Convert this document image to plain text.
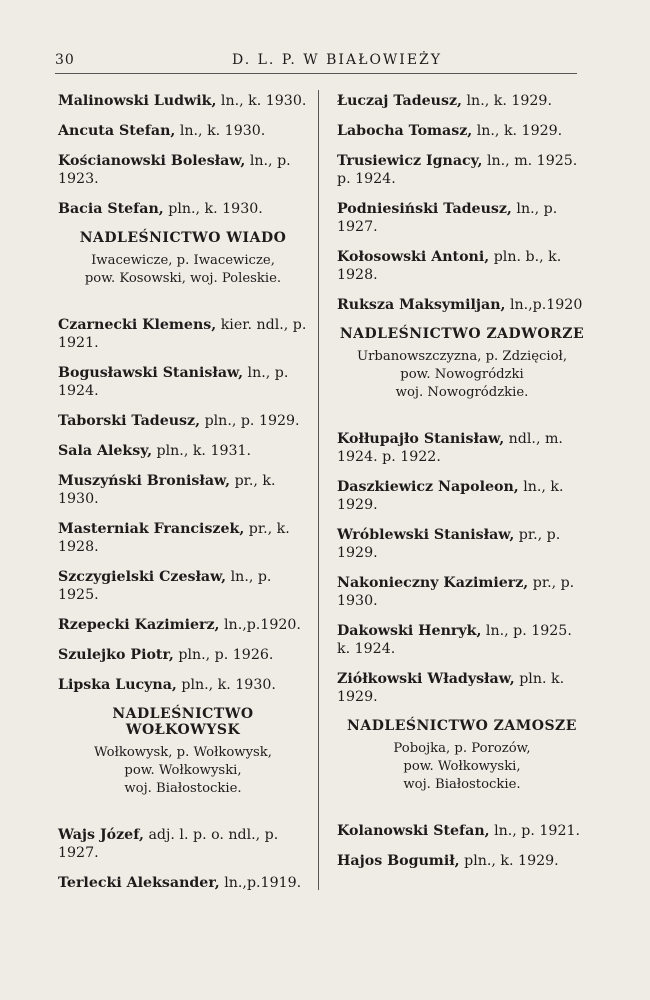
30	D. L. P. W BIAŁOWIEŻY
Malinowski Ludwik, ln., k. 1930.
Ancuta Stefan, ln., k. 1930.
Kościanowski Bolesław, ln., p. 1923.
Bacia Stefan, pln., k. 1930.
NADLEŚNICTWO WIADO
Iwacewicze, p. Iwacewicze,
pow. Kosowski, woj. Poleskie.
Czarnecki Klemens, kier. ndl., p. 1921.
Bogusławski Stanisław, ln., p. 1924.
Taborski Tadeusz, pln., p. 1929.
Sala Aleksy, pln., k. 1931.
Muszyński Bronisław, pr., k. 1930.
Masterniak Franciszek, pr., k. 1928.
Szczygielski Czesław, ln., p. 1925.
Rzepecki Kazimierz, ln.,p.1920.
Szulejko Piotr, pln., p. 1926.
Lipska Lucyna, pln., k. 1930.
NADLEŚNICTWO WOŁKOWYSK
Wołkowysk, p. Wołkowysk,
pow. Wołkowyski,
woj. Białostockie.
Wajs Józef, adj. l. p. o. ndl., p. 1927.
Terlecki Aleksander, ln.,p.1919.
Łuczaj Tadeusz, ln., k. 1929.
Labocha Tomasz, ln., k. 1929.
Trusiewicz Ignacy, ln., m. 1925. p. 1924.
Podniesiński Tadeusz, ln., p. 1927.
Kołosowski Antoni, pln. b., k. 1928.
Ruksza Maksymiljan, ln.,p.1920
NADLEŚNICTWO ZADWORZE
Urbanowszczyzna, p. Zdzięcioł,
pow. Nowogródzki
woj. Nowogródzkie.
Kołłupajło Stanisław, ndl., m. 1924. p. 1922.
Daszkiewicz Napoleon, ln., k. 1929.
Wróblewski Stanisław, pr., p. 1929.
Nakonieczny Kazimierz, pr., p. 1930.
Dakowski Henryk, ln., p. 1925. k. 1924.
Ziółkowski Władysław, pln. k. 1929.
NADLEŚNICTWO ZAMOSZE
Pobojka, p. Porozów,
pow. Wołkowyski,
woj. Białostockie.
Kolanowski Stefan, ln., p. 1921.
Hajos Bogumił, pln., k. 1929.
